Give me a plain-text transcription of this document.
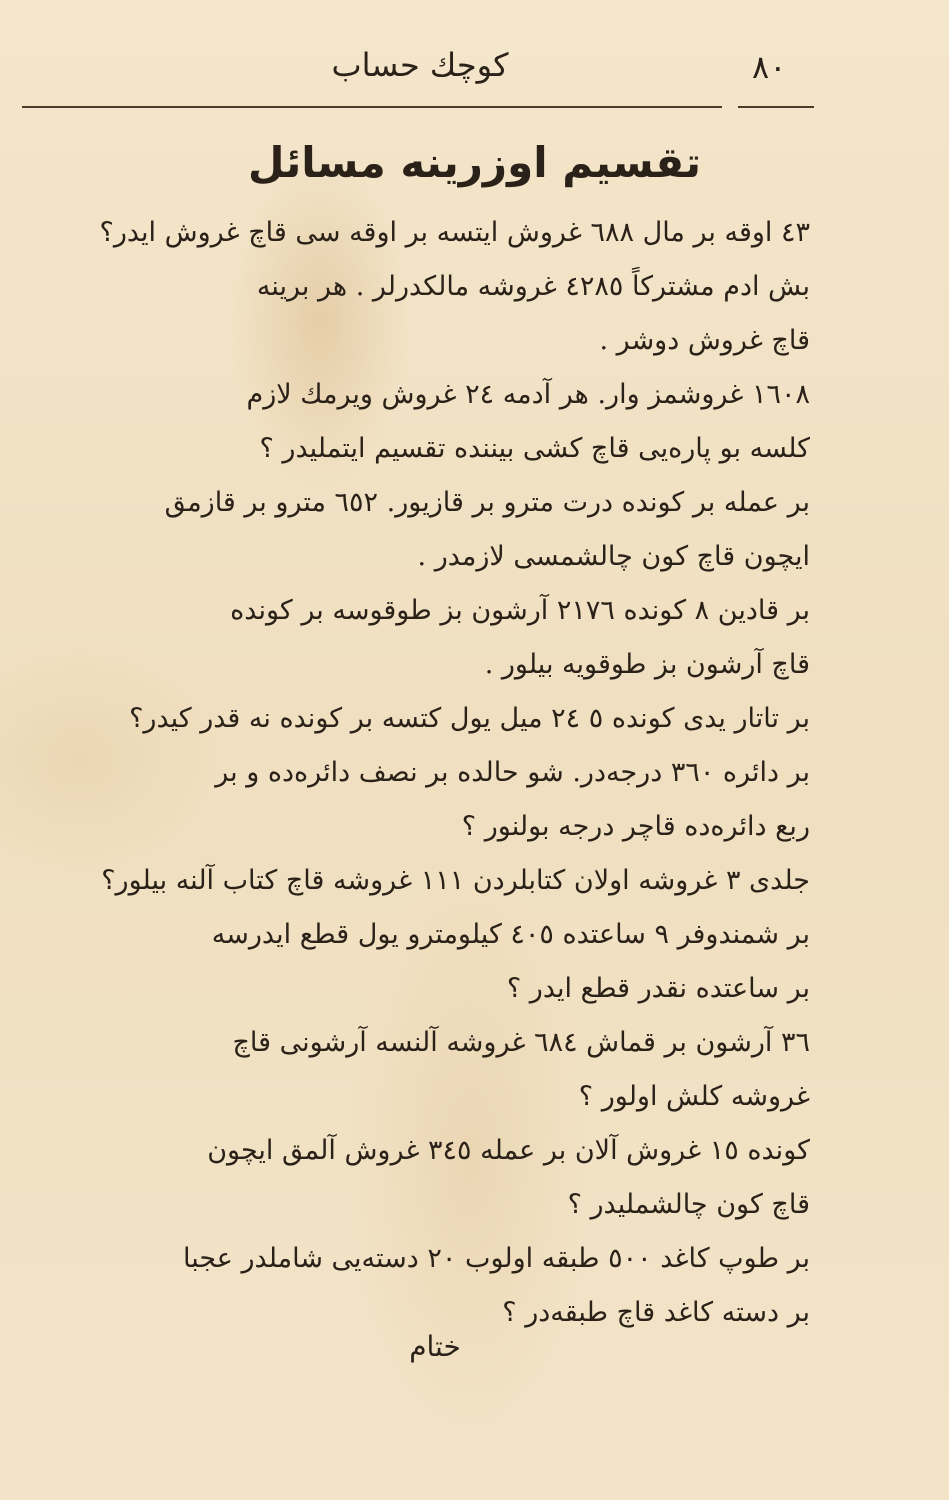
٨٠
کوچك حساب
تقسیم اوزرینه مسائل
٤٣ اوقه بر مال ٦٨٨ غروش ایتسه بر اوقه سی قاچ غروش ایدر؟
بش ادم مشترکاً ٤٢٨٥ غروشه مالکدرلر . هر برینه
قاچ غروش دوشر .
١٦٠٨ غروشمز وار. هر آدمه ٢٤ غروش ویرمك لازم
کلسه بو پاره‌یی قاچ کشی بیننده تقسیم ایتملیدر ؟
بر عمله بر کونده درت مترو بر قازیور. ٦٥٢ مترو بر قازمق
ایچون قاچ کون چالشمسی لازمدر .
بر قادین ٨ کونده ٢١٧٦ آرشون بز طوقوسه بر کونده
قاچ آرشون بز طوقویه بیلور .
بر تاتار یدی کونده ٥ ٢٤ میل یول کتسه بر کونده نه قدر کیدر؟
بر دائره ٣٦٠ درجه‌در. شو حالده بر نصف دائره‌ده و بر
ربع دائره‌ده قاچر درجه بولنور ؟
جلدی ٣ غروشه اولان کتابلردن ١١١ غروشه قاچ کتاب آلنه بیلور؟
بر شمندوفر ٩ ساعتده ٤٠٥ کیلومترو یول قطع ایدرسه
بر ساعتده نقدر قطع ایدر ؟
٣٦ آرشون بر قماش ٦٨٤ غروشه آلنسه آرشونی قاچ
غروشه کلش اولور ؟
کونده ١٥ غروش آلان بر عمله ٣٤٥ غروش آلمق ایچون
قاچ کون چالشملیدر ؟
بر طوپ کاغد ٥٠٠ طبقه اولوب ٢٠ دسته‌یی شاملدر عجبا
بر دسته کاغد قاچ طبقه‌در ؟
ختام
